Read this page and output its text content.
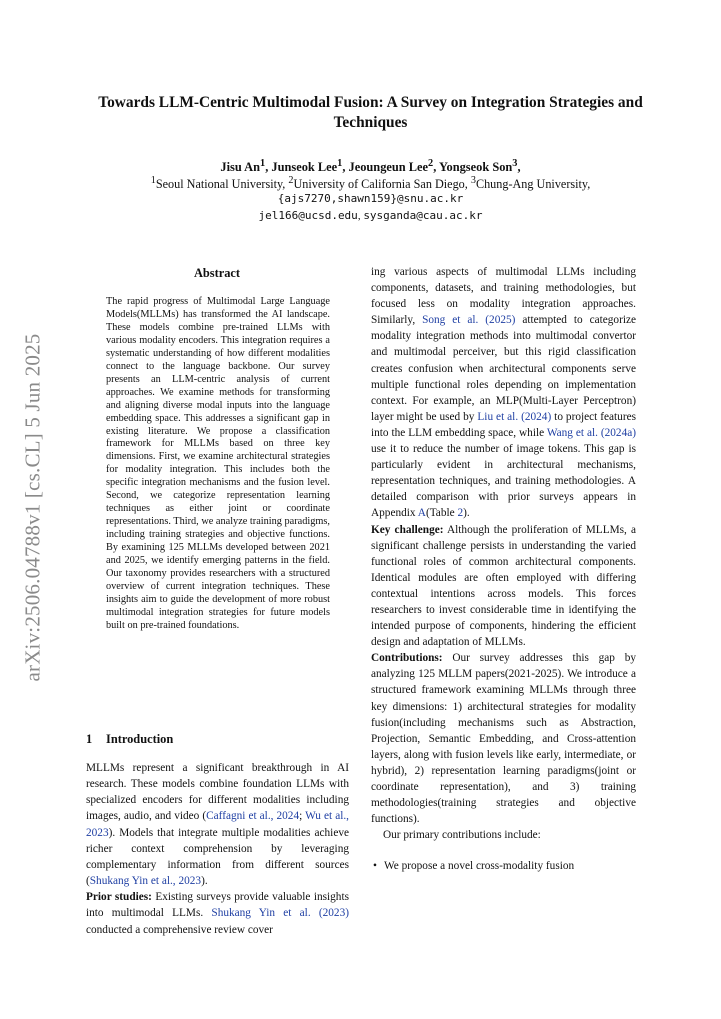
arXiv:2506.04788v1 [cs.CL] 5 Jun 2025
Towards LLM-Centric Multimodal Fusion: A Survey on Integration Strategies and Techniques
Jisu An$^1$, Junseok Lee$^1$, Jeoungeun Lee$^2$, Yongseok Son$^3$,
$^1$Seoul National University, $^2$University of California San Diego, $^3$Chung-Ang University,
{ajs7270,shawn159}@snu.ac.kr
jel166@ucsd.edu, sysganda@cau.ac.kr
Abstract
The rapid progress of Multimodal Large Language Models(MLLMs) has transformed the AI landscape. These models combine pre-trained LLMs with various modality encoders. This integration requires a systematic understanding of how different modalities connect to the language backbone. Our survey presents an LLM-centric analysis of current approaches. We examine methods for transforming and aligning diverse modal inputs into the language embedding space. This addresses a significant gap in existing literature. We propose a classification framework for MLLMs based on three key dimensions. First, we examine architectural strategies for modality integration. This includes both the specific integration mechanisms and the fusion level. Second, we categorize representation learning techniques as either joint or coordinate representations. Third, we analyze training paradigms, including training strategies and objective functions. By examining 125 MLLMs developed between 2021 and 2025, we identify emerging patterns in the field. Our taxonomy provides researchers with a structured overview of current integration techniques. These insights aim to guide the development of more robust multimodal integration strategies for future models built on pre-trained foundations.
1 Introduction

MLLMs represent a significant breakthrough in AI research. These models combine foundation LLMs with specialized encoders for different modalities including images, audio, and video (Caffagni et al., 2024; Wu et al., 2023). Models that integrate multiple modalities achieve richer context comprehension by leveraging complementary information from different sources (Shukang Yin et al., 2023).

Prior studies: Existing surveys provide valuable insights into multimodal LLMs. Shukang Yin et al. (2023) conducted a comprehensive review cover

ing various aspects of multimodal LLMs including components, datasets, and training methodologies, but focused less on modality integration approaches. Similarly, Song et al. (2025) attempted to categorize modality integration methods into multimodal convertor and multimodal perceiver, but this rigid classification creates confusion when architectural components serve multiple functional roles depending on implementation context. For example, an MLP(Multi-Layer Perceptron) layer might be used by Liu et al. (2024) to project features into the LLM embedding space, while Wang et al. (2024a) use it to reduce the number of image tokens. This gap is particularly evident in architectural mechanisms, representation techniques, and training methodologies. A detailed comparison with prior surveys appears in Appendix A(Table 2).

Key challenge: Although the proliferation of MLLMs, a significant challenge persists in understanding the varied functional roles of common architectural components. Identical modules are often employed with differing contextual intentions across models. This forces researchers to invest considerable time in identifying the intended purpose of components, hindering the efficient design and adaptation of MLLMs.

Contributions: Our survey addresses this gap by analyzing 125 MLLM papers(2021-2025). We introduce a structured framework examining MLLMs through three key dimensions: 1) architectural strategies for modality fusion(including mechanisms such as Abstraction, Projection, Semantic Embedding, and Cross-attention layers, along with fusion levels like early, intermediate, or hybrid), 2) representation learning paradigms(joint or coordinate representation), and 3) training methodologies(training strategies and objective functions).

Our primary contributions include:

• We propose a novel cross-modality fusion
